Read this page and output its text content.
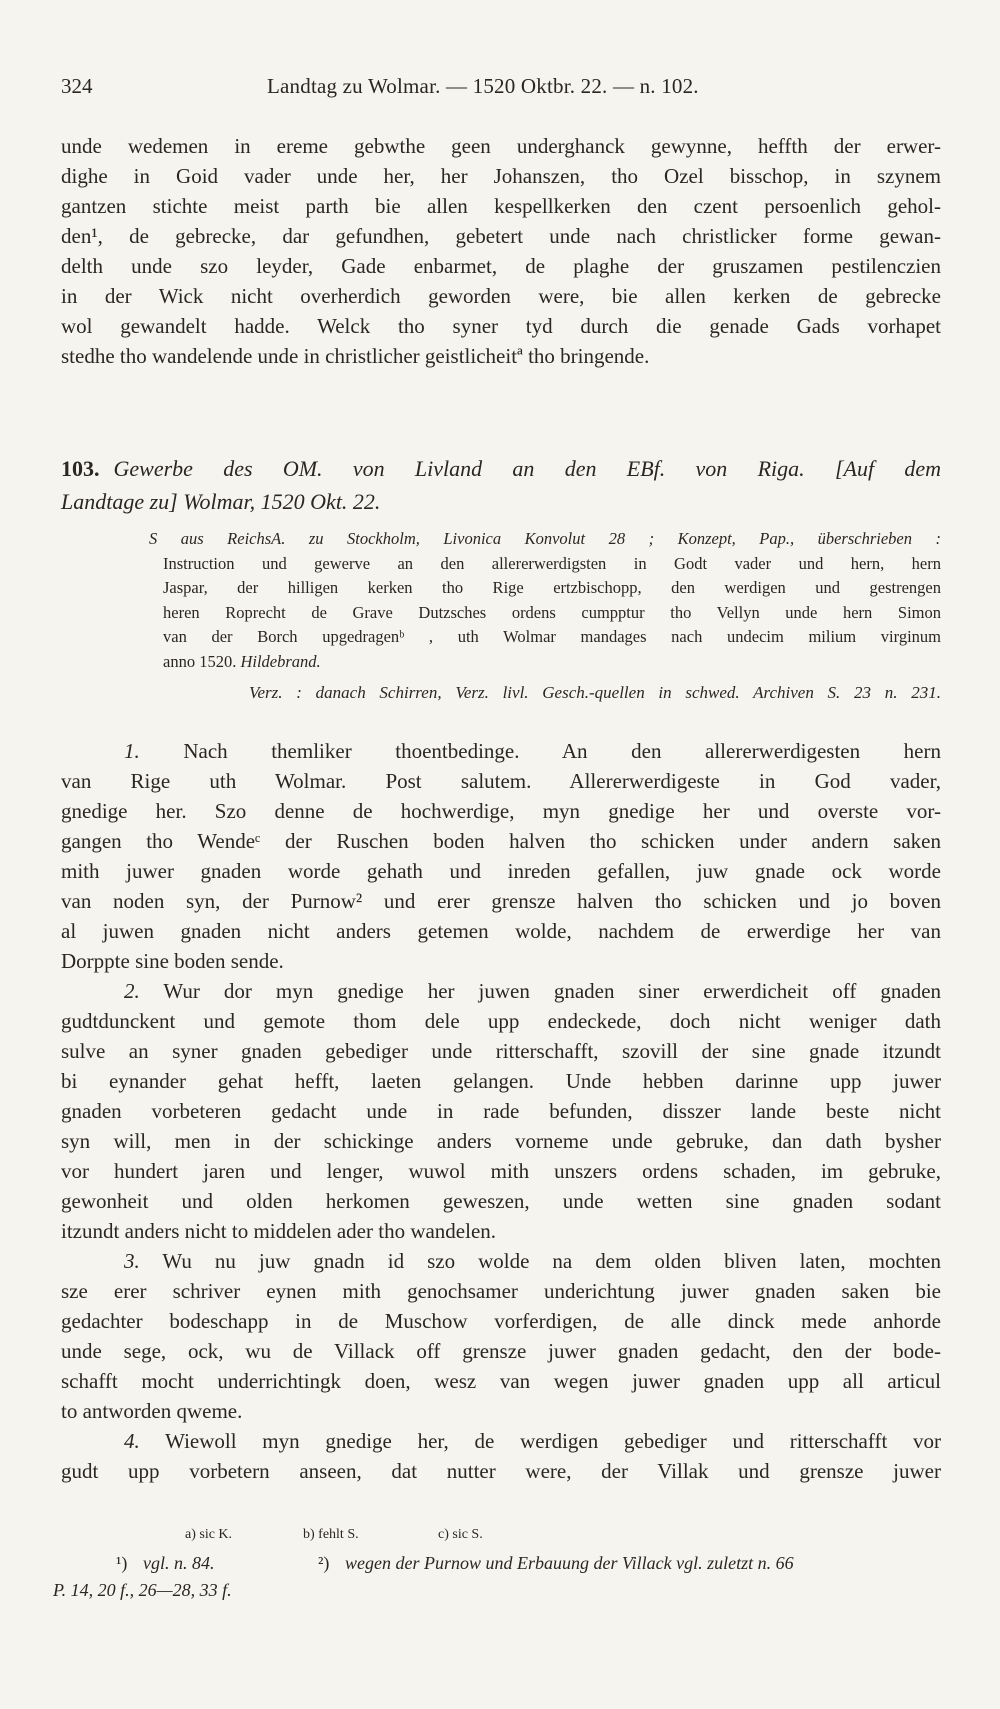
324	Landtag zu Wolmar. — 1520 Oktbr. 22. — n. 102.
unde wedemen in ereme gebwthe geen underghanck gewynne, heffth der erwer-
dighe in Goid vader unde her, her Johanszen, tho Ozel bisschop, in szynem
gantzen stichte meist parth bie allen kespellkerken den czent persoenlich gehol-
den¹, de gebrecke, dar gefundhen, gebetert unde nach christlicker forme gewan-
delth unde szo leyder, Gade enbarmet, de plaghe der gruszamen pestilenczien
in der Wick nicht overherdich geworden were, bie allen kerken de gebrecke
wol gewandelt hadde. Welck tho syner tyd durch die genade Gads vorhapet
stedhe tho wandelende unde in christlicher geistlicheitª tho bringende.
103. Gewerbe des OM. von Livland an den EBf. von Riga. [Auf dem
Landtage zu] Wolmar, 1520 Okt. 22.
S aus ReichsA. zu Stockholm, Livonica Konvolut 28 ; Konzept, Pap., überschrieben :
Instruction und gewerve an den allererwerdigsten in Godt vader und hern, hern
Jaspar, der hilligen kerken tho Rige ertzbischopp, den werdigen und gestrengen
heren Roprecht de Grave Dutzsches ordens cumpptur tho Vellyn unde hern Simon
van der Borch upgedragenᵇ , uth Wolmar mandages nach undecim milium virginum
anno 1520. Hildebrand.
Verz. : danach Schirren, Verz. livl. Gesch.-quellen in schwed. Archiven S. 23 n. 231.
1. Nach themliker thoentbedinge. An den allererwerdigesten hern
van Rige uth Wolmar. Post salutem. Allererwerdigeste in God vader,
gnedige her. Szo denne de hochwerdige, myn gnedige her und overste vor-
gangen tho Wendeᶜ der Ruschen boden halven tho schicken under andern saken
mith juwer gnaden worde gehath und inreden gefallen, juw gnade ock worde
van noden syn, der Purnow² und erer grensze halven tho schicken und jo boven
al juwen gnaden nicht anders getemen wolde, nachdem de erwerdige her van
Dorppte sine boden sende.
2. Wur dor myn gnedige her juwen gnaden siner erwerdicheit off gnaden
gudtdunckent und gemote thom dele upp endeckede, doch nicht weniger dath
sulve an syner gnaden gebediger unde ritterschafft, szovill der sine gnade itzundt
bi eynander gehat hefft, laeten gelangen. Unde hebben darinne upp juwer
gnaden vorbeteren gedacht unde in rade befunden, disszer lande beste nicht
syn will, men in der schickinge anders vorneme unde gebruke, dan dath bysher
vor hundert jaren und lenger, wuwol mith unszers ordens schaden, im gebruke,
gewonheit und olden herkomen geweszen, unde wetten sine gnaden sodant
itzundt anders nicht to middelen ader tho wandelen.
3. Wu nu juw gnadn id szo wolde na dem olden bliven laten, mochten
sze erer schriver eynen mith genochsamer underichtung juwer gnaden saken bie
gedachter bodeschapp in de Muschow vorferdigen, de alle dinck mede anhorde
unde sege, ock, wu de Villack off grensze juwer gnaden gedacht, den der bode-
schafft mocht underrichtingk doen, wesz van wegen juwer gnaden upp all articul
to antworden qweme.
4. Wiewoll myn gnedige her, de werdigen gebediger und ritterschafft vor
gudt upp vorbetern anseen, dat nutter were, der Villak und grensze juwer
a) sic K.	b) fehlt S.	c) sic S.
¹) vgl. n. 84.	²) wegen der Purnow und Erbauung der Villack vgl. zuletzt n. 66
P. 14, 20 f., 26—28, 33 f.
